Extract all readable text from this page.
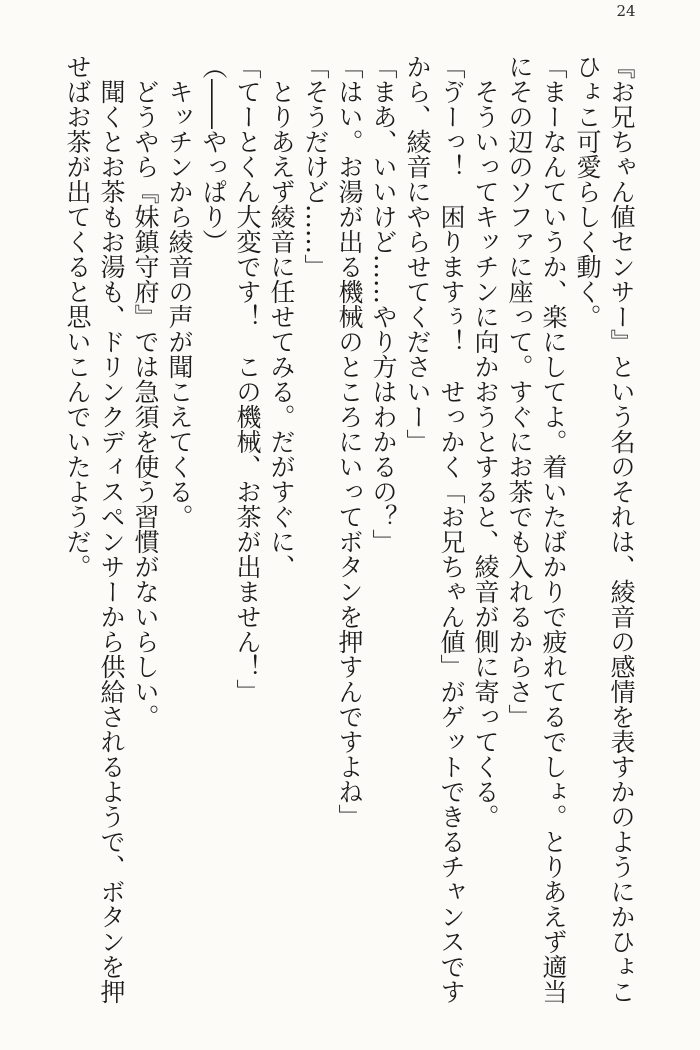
24

『お兄ちゃん値センサー』という名のそれは、綾音の感情を表すかのようにかひょこ

ひょこ可愛らしく動く。

「まーなんていうか、楽にしてよ。着いたばかりで疲れてるでしょ。とりあえず適当

にその辺のソファに座って。すぐにお茶でも入れるからさ」

そういってキッチンに向かおうとすると、綾音が側に寄ってくる。

「ゔーっ！　困りますぅ！　せっかく「お兄ちゃん値」がゲットできるチャンスです

から、綾音にやらせてくださいー」

「まあ、いいけど……やり方はわかるの？」

「はい。お湯が出る機械のところにいってボタンを押すんですよね」

「そうだけど……」

とりあえず綾音に任せてみる。だがすぐに、

「てーとくん大変です！　この機械、お茶が出ません！」

（――やっぱり）

キッチンから綾音の声が聞こえてくる。

どうやら『妹鎮守府』では急須を使う習慣がないらしい。

聞くとお茶もお湯も、ドリンクディスペンサーから供給されるようで、ボタンを押

せばお茶が出てくると思いこんでいたようだ。
